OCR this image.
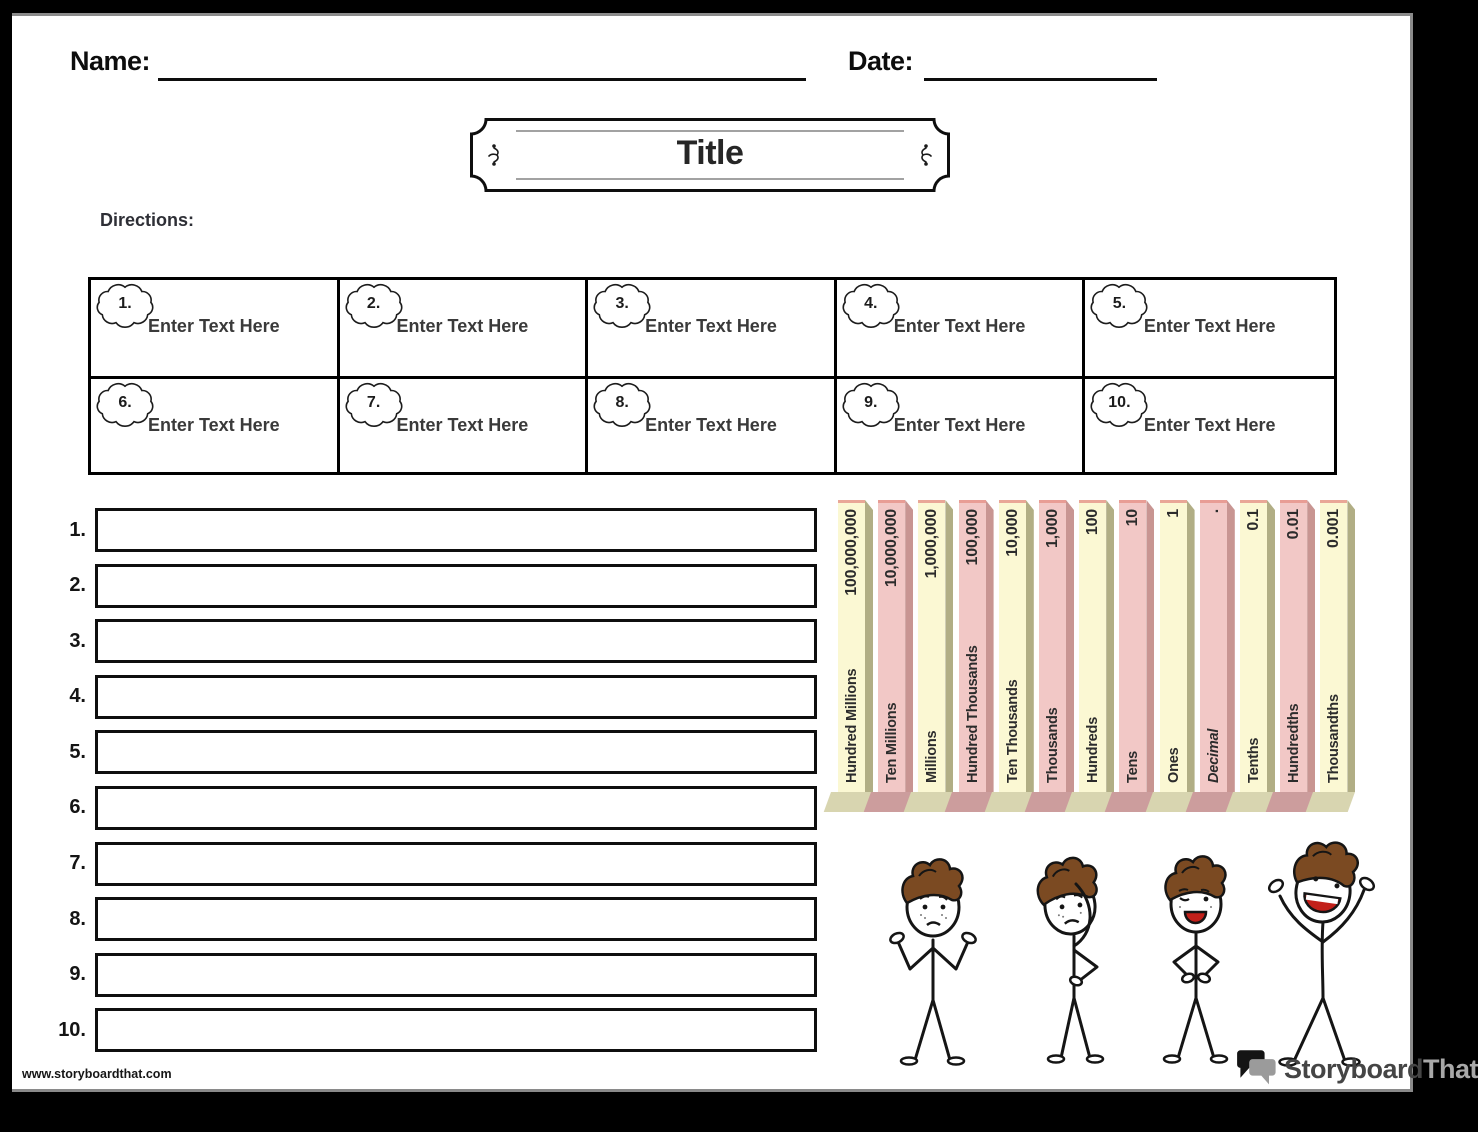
Name:	Date:
Title
Directions:
1.
Enter Text Here
2.
Enter Text Here
3.
Enter Text Here
4.
Enter Text Here
5.
Enter Text Here
6.
Enter Text Here
7.
Enter Text Here
8.
Enter Text Here
9.
Enter Text Here
10.
Enter Text Here
1.
2.
3.
4.
5.
6.
7.
8.
9.
10.
Hundred Millions
100,000,000
Ten Millions
10,000,000
Millions
1,000,000
Hundred Thousands
100,000
Ten Thousands
10,000
Thousands
1,000
Hundreds
100
Tens
10
Ones
1
Decimal
.
Tenths
0.1
Hundredths
0.01
Thousandths
0.001
www.storyboardthat.com	StoryboardThat
